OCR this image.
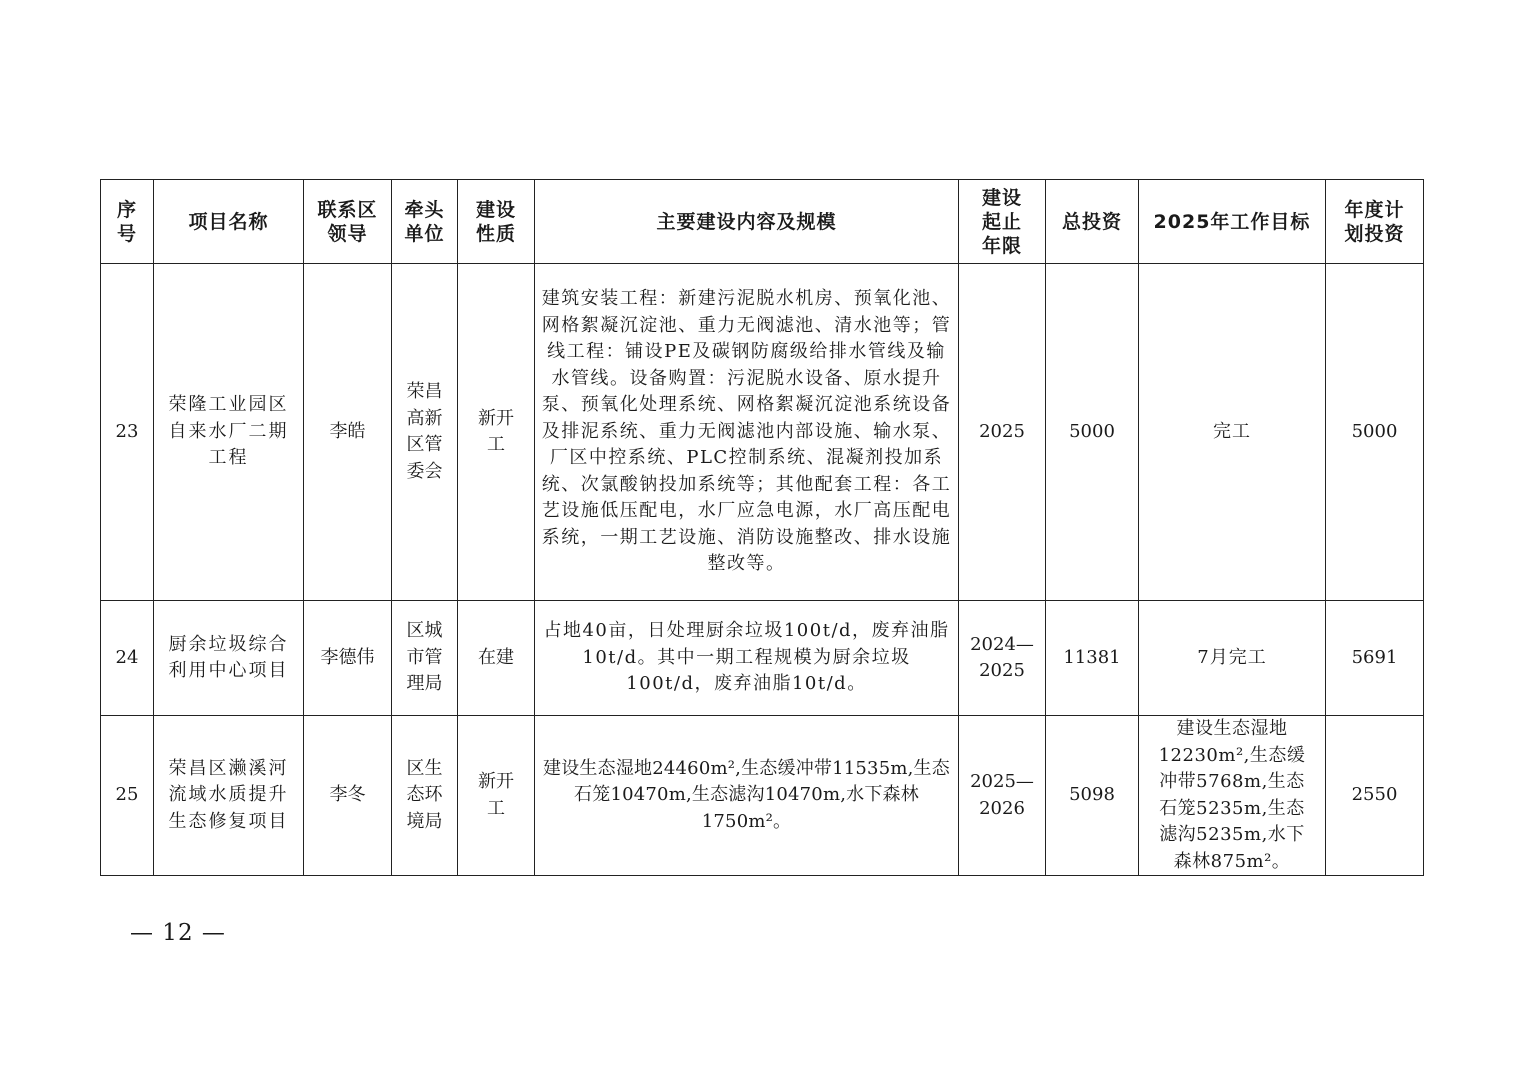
序号	项目名称	联系区领导	牵头单位	建设性质	主要建设内容及规模	建设起止年限	总投资	2025年工作目标	年度计划投资
23	荣隆工业园区自来水厂二期工程	李皓	荣昌高新区管委会	新开工	建筑安装工程：新建污泥脱水机房、预氧化池、网格絮凝沉淀池、重力无阀滤池、清水池等；管线工程：铺设PE及碳钢防腐级给排水管线及输水管线。设备购置：污泥脱水设备、原水提升泵、预氧化处理系统、网格絮凝沉淀池系统设备及排泥系统、重力无阀滤池内部设施、输水泵、厂区中控系统、PLC控制系统、混凝剂投加系统、次氯酸钠投加系统等；其他配套工程：各工艺设施低压配电，水厂应急电源，水厂高压配电系统，一期工艺设施、消防设施整改、排水设施整改等。	2025	5000	完工	5000
24	厨余垃圾综合利用中心项目	李德伟	区城市管理局	在建	占地40亩，日处理厨余垃圾100t/d，废弃油脂10t/d。其中一期工程规模为厨余垃圾100t/d，废弃油脂10t/d。	2024—2025	11381	7月完工	5691
25	荣昌区濑溪河流域水质提升生态修复项目	李冬	区生态环境局	新开工	建设生态湿地24460m²,生态缓冲带11535m,生态石笼10470m,生态滤沟10470m,水下森林1750m²。	2025—2026	5098	建设生态湿地12230m²,生态缓冲带5768m,生态石笼5235m,生态滤沟5235m,水下森林875m²。	2550
— 12 —
